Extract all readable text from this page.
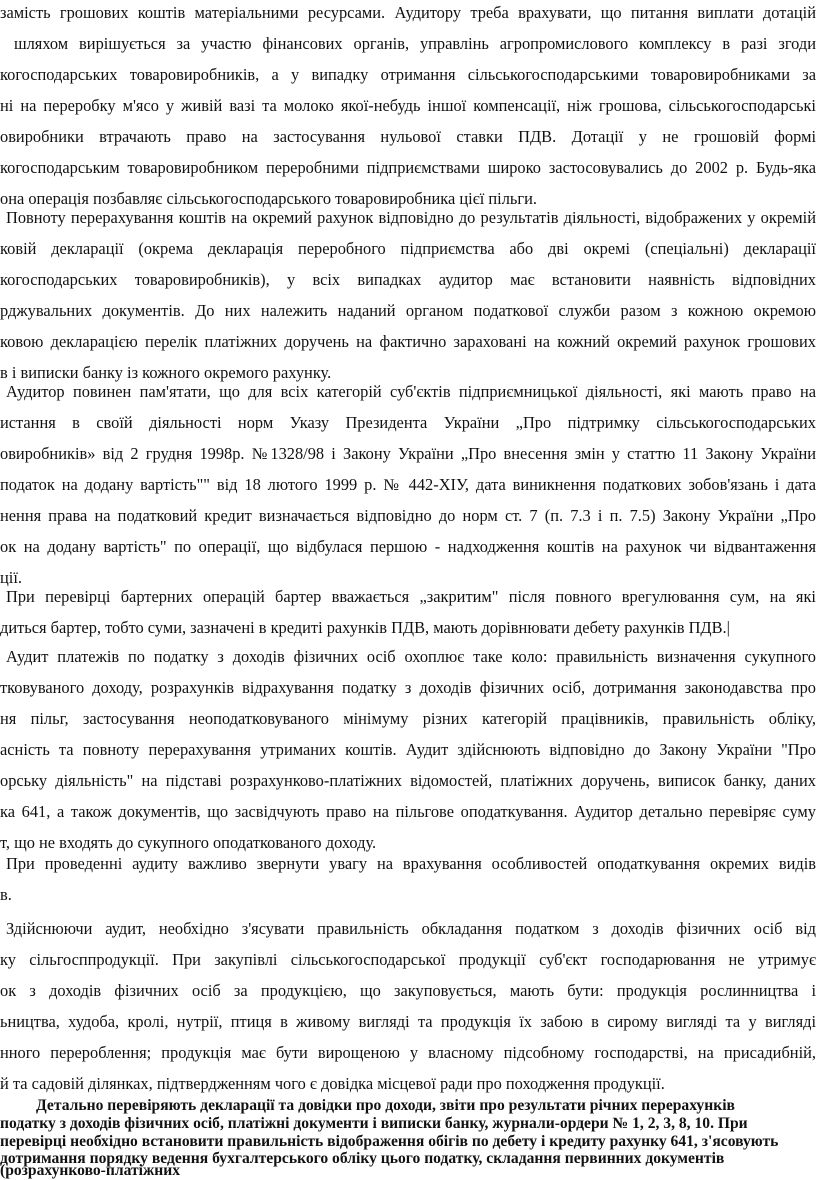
замість грошових коштів матеріальними ресурсами. Аудитору треба врахувати, що питання виплати дотацій
шляхом вирішується за участю фінансових органів, управлінь агропромислового комплексу в разі згоди
когосподарських товаровиробників, а у випадку отримання сільськогосподарськими товаровиробниками за
ні на переробку м'ясо у живій вазі та молоко якої-небудь іншої компенсації, ніж грошова, сільськогосподарські
овиробники втрачають право на застосування нульової ставки ПДВ. Дотації у не грошовій формі
когосподарським товаровиробником переробними підприємствами широко застосовувались до 2002 р. Будь-яка
она операція позбавляє сільськогосподарського товаровиробника цієї пільги.
Повноту перерахування коштів на окремий рахунок відповідно до результатів діяльності, відображених у окремій
ковій декларації (окрема декларація переробного підприємства або дві окремі (спеціальні) декларації
когосподарських товаровиробників), у всіх випадках аудитор має встановити наявність відповідних
рджувальних документів. До них належить наданий органом податкової служби разом з кожною окремою
ковою декларацією перелік платіжних доручень на фактично зараховані на кожний окремий рахунок грошових
в і виписки банку із кожного окремого рахунку.
Аудитор повинен пам'ятати, що для всіх категорій суб'єктів підприємницької діяльності, які мають право на
истання в своїй діяльності норм Указу Президента України „Про підтримку сільськогосподарських
овиробників» від 2 грудня 1998р. №1328/98 і Закону України „Про внесення змін у статтю 11 Закону України
податок на додану вартість"" від 18 лютого 1999 р. № 442-ХІУ, дата виникнення податкових зобов'язань і дата
нення права на податковий кредит визначається відповідно до норм ст. 7 (п. 7.3 і п. 7.5) Закону України „Про
ок на додану вартість" по операції, що відбулася першою - надходження коштів на рахунок чи відвантаження
ції.
При перевірці бартерних операцій бартер вважається „закритим" після повного врегулювання сум, на які
диться бартер, тобто суми, зазначені в кредиті рахунків ПДВ, мають дорівнювати дебету рахунків ПДВ.|
Аудит платежів по податку з доходів фізичних осіб охоплює таке коло: правильність визначення сукупного
тковуваного доходу, розрахунків відрахування податку з доходів фізичних осіб, дотримання законодавства про
ня пільг, застосування неоподатковуваного мінімуму різних категорій працівників, правильність обліку,
асність та повноту перерахування утриманих коштів. Аудит здійснюють відповідно до Закону України "Про
орську діяльність" на підставі розрахунково-платіжних відомостей, платіжних доручень, виписок банку, даних
ка 641, а також документів, що засвідчують право на пільгове оподаткування. Аудитор детально перевіряє суму
т, що не входять до сукупного оподаткованого доходу.
При проведенні аудиту важливо звернути увагу на врахування особливостей оподаткування окремих видів
в.
Здійснюючи аудит, необхідно з'ясувати правильність обкладання податком з доходів фізичних осіб від
ку сільгосппродукції. При закупівлі сільськогосподарської продукції суб'єкт господарювання не утримує
ок з доходів фізичних осіб за продукцією, що закуповується, мають бути: продукція рослинництва і
ьництва, худоба, кролі, нутрії, птиця в живому вигляді та продукція їх забою в сирому вигляді та у вигляді
нного перероблення; продукція має бути вирощеною у власному підсобному господарстві, на присадибній,
й та садовій ділянках, підтвердженням чого є довідка місцевої ради про походження продукції.
Детально перевіряють декларації та довідки про доходи, звіти про результати річних перерахунків
податку з доходів фізичних осіб, платіжні документи і виписки банку, журнали-ордери № 1, 2, 3, 8, 10. При
перевірці необхідно встановити правильність відображення обігів по дебету і кредиту рахунку 641, з'ясовують
дотримання порядку ведення бухгалтерського обліку цього податку, складання первинних документів
(розрахунково-платіжних
